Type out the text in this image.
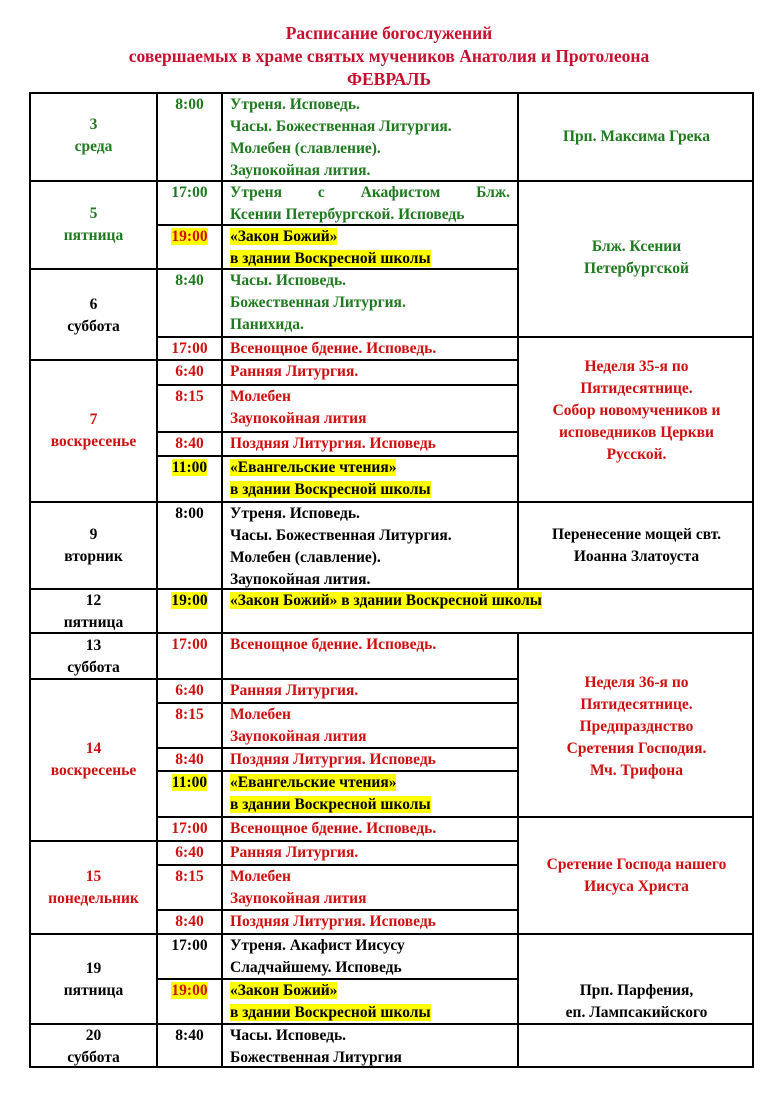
Расписание богослужений
совершаемых в храме святых мучеников Анатолия и Протолеона
ФЕВРАЛЬ
3
среда
5
пятница
6
суббота
7
воскресенье
9
вторник
12
пятница
13
суббота
14
воскресенье
15
понедельник
19
пятница
20
суббота
8:00
17:00
19:00
8:40
17:00
6:40
8:15
8:40
11:00
8:00
19:00
17:00
6:40
8:15
8:40
11:00
17:00
6:40
8:15
8:40
17:00
19:00
8:40
Утреня. Исповедь.
Часы. Божественная Литургия.
Молебен (славление).
Заупокойная лития.
Утреня с Акафистом Блж.
Ксении Петербургской. Исповедь
«Закон Божий»
в здании Воскресной школы
Часы. Исповедь.
Божественная Литургия.
Панихида.
Всенощное бдение. Исповедь.
Ранняя Литургия.
Молебен
Заупокойная лития
Поздняя Литургия. Исповедь
«Евангельские чтения»
в здании Воскресной школы
Утреня. Исповедь.
Часы. Божественная Литургия.
Молебен (славление).
Заупокойная лития.
«Закон Божий» в здании Воскресной школы
Всенощное бдение. Исповедь.
Ранняя Литургия.
Молебен
Заупокойная лития
Поздняя Литургия. Исповедь
«Евангельские чтения»
в здании Воскресной школы
Всенощное бдение. Исповедь.
Ранняя Литургия.
Молебен
Заупокойная лития
Поздняя Литургия. Исповедь
Утреня. Акафист Иисусу
Сладчайшему. Исповедь
«Закон Божий»
в здании Воскресной школы
Часы. Исповедь.
Божественная Литургия
Прп. Максима Грека
Блж. Ксении
Петербургской
Неделя 35-я по
Пятидесятнице.
Собор новомучеников и
исповедников Церкви
Русской.
Перенесение мощей свт.
Иоанна Златоуста
Неделя 36-я по
Пятидесятнице.
Предпразднство
Сретения Господия.
Мч. Трифона
Сретение Господа нашего
Иисуса Христа
Прп. Парфения,
еп. Лампсакийского
